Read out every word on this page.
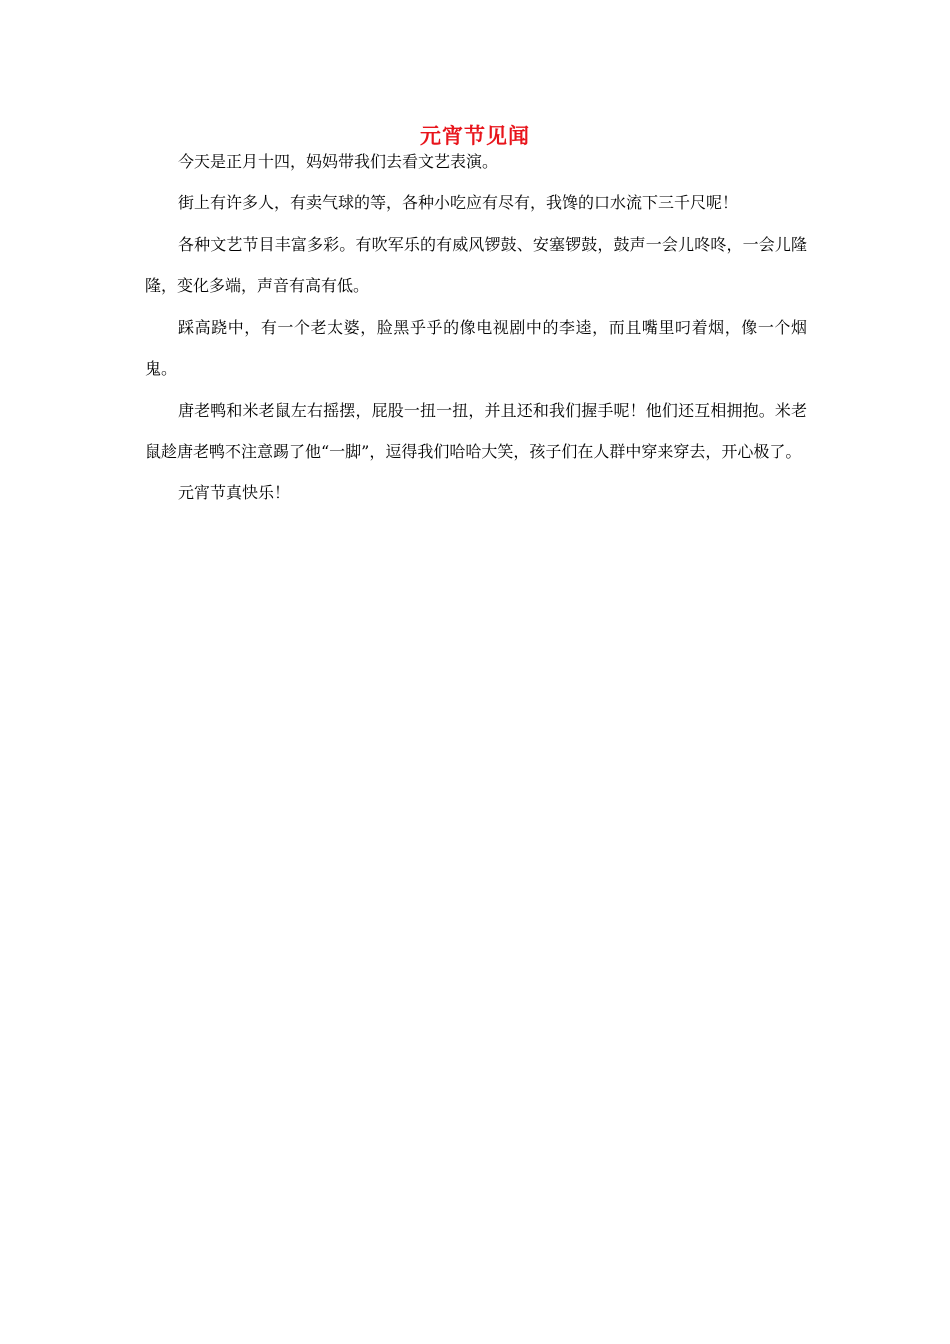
元宵节见闻

今天是正月十四，妈妈带我们去看文艺表演。

街上有许多人，有卖气球的等，各种小吃应有尽有，我馋的口水流下三千尺呢！

各种文艺节目丰富多彩。有吹军乐的有威风锣鼓、安塞锣鼓，鼓声一会儿咚咚，一会儿隆隆，变化多端，声音有高有低。

踩高跷中，有一个老太婆，脸黑乎乎的像电视剧中的李逵，而且嘴里叼着烟，像一个烟鬼。

唐老鸭和米老鼠左右摇摆，屁股一扭一扭，并且还和我们握手呢！他们还互相拥抱。米老鼠趁唐老鸭不注意踢了他“一脚”，逗得我们哈哈大笑，孩子们在人群中穿来穿去，开心极了。

元宵节真快乐！
